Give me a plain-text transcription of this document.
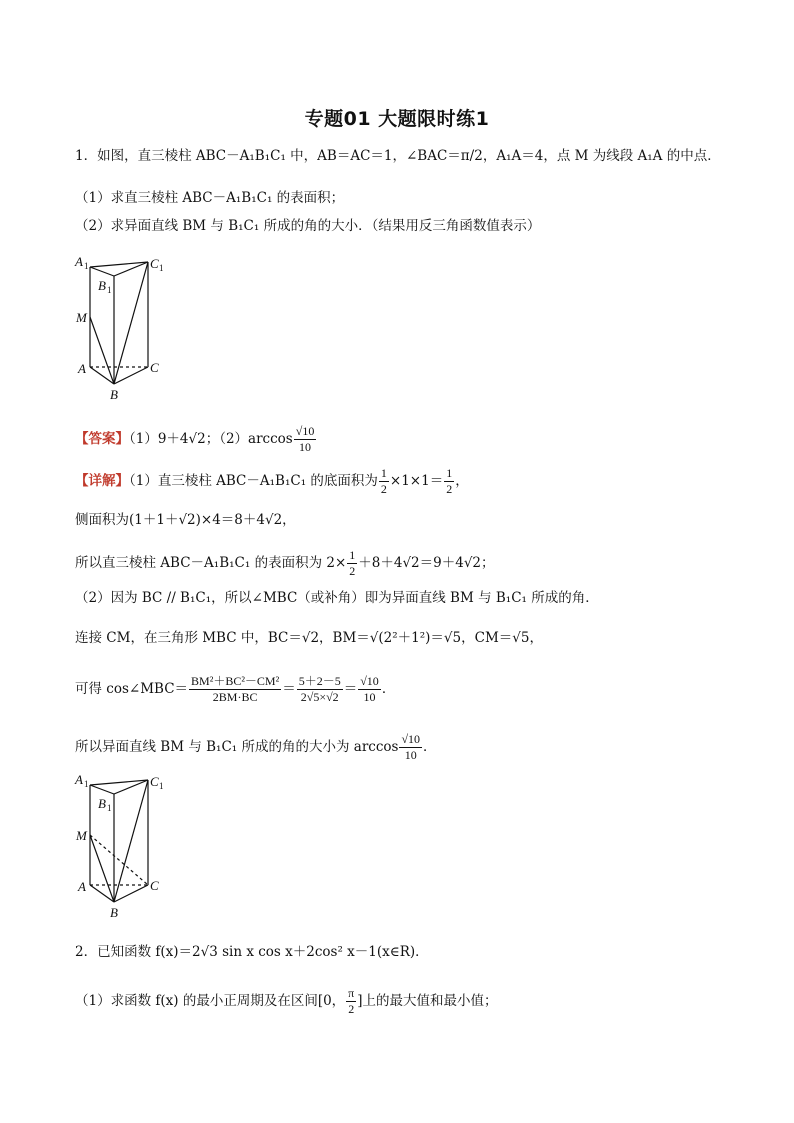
专题01 大题限时练1
1．如图，直三棱柱 ABC－A₁B₁C₁ 中，AB＝AC＝1，∠BAC＝π/2，A₁A＝4，点 M 为线段 A₁A 的中点．
（1）求直三棱柱 ABC－A₁B₁C₁ 的表面积；
（2）求异面直线 BM 与 B₁C₁ 所成的角的大小．（结果用反三角函数值表示）
A 1	C 1
B 1
M
A	C
B
【答案】（1）9＋4√2；$(2)\arccos \frac{√10}{10}$
【详解】（1）直三棱柱 ABC－A₁B₁C₁ 的底面积为 $\frac{1}{2} \times 1\times 1= \frac{1}{2}$ ，
侧面积为(1＋1＋√2)×4＝8＋4√2，
所以直三棱柱 ABC－A₁B₁C₁ 的表面积为 $2\times \frac{1}{2} +8+4√2=9+4√2$；
（2）因为 BC // B₁C₁，所以∠MBC（或补角）即为异面直线 BM 与 B₁C₁ 所成的角．
连接 CM，在三角形 MBC 中，BC＝√2，BM＝√(2²＋1²)＝√5，CM＝√5，
可得 cos∠MBC＝ $\frac{\text{BM²＋BC²－CM²}}{2BM\cdot BC} = \frac{5+2-5}{2√5\times√2} = \frac{√10}{10}$ ．
所以异面直线 BM 与 B₁C₁ 所成的角的大小为 $\arccos \frac{√10}{10}$ ．
A 1	C 1
B 1
M
A	C
B
2．已知函数 f(x)＝2√3 sin x cos x＋2cos² x－1(x∈R)．
（1）求函数 f(x) 的最小正周期及在区间[0， $\frac{\pi}{2}$ ]上的最大值和最小值；
